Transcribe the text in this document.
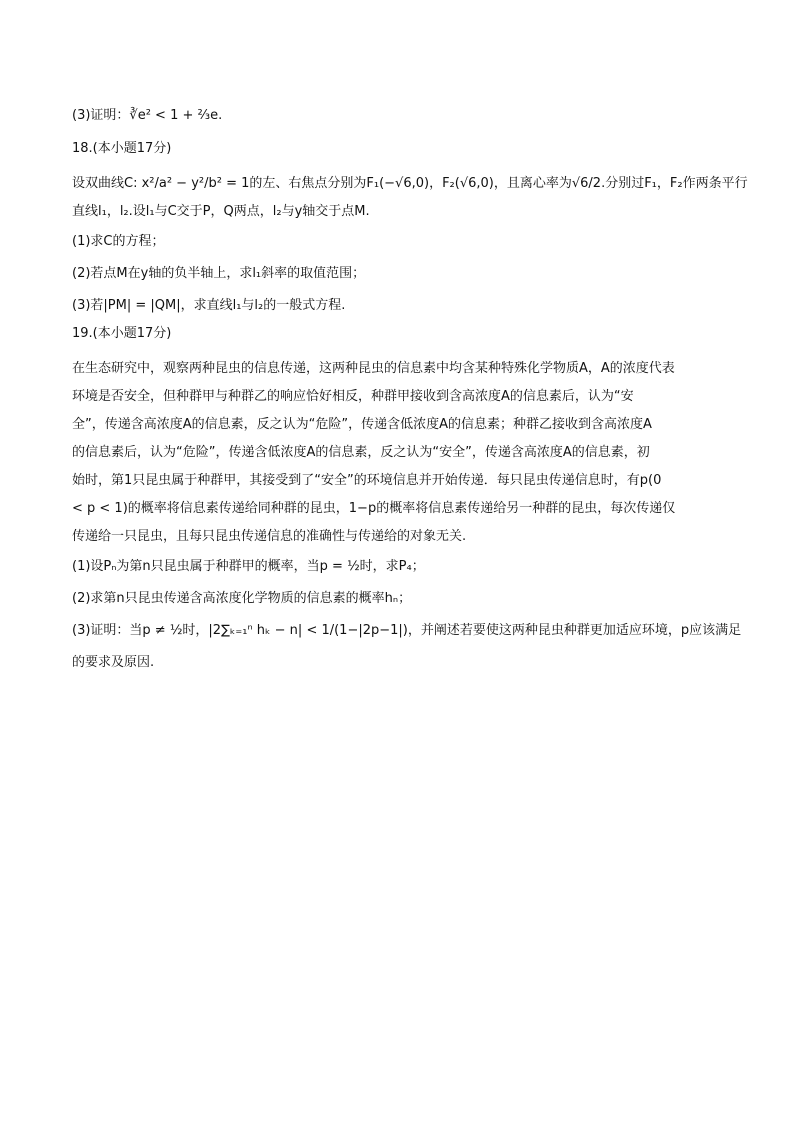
(3)证明：∛e² < 1 + ⅔e.

18.(本小题17分)

设双曲线C: x²/a² − y²/b² = 1的左、右焦点分别为F₁(−√6,0)，F₂(√6,0)，且离心率为√6/2.分别过F₁，F₂作两条平行
直线l₁，l₂.设l₁与C交于P，Q两点，l₂与y轴交于点M.
(1)求C的方程；
(2)若点M在y轴的负半轴上，求l₁斜率的取值范围；
(3)若|PM| = |QM|，求直线l₁与l₂的一般式方程.

19.(本小题17分)

在生态研究中，观察两种昆虫的信息传递，这两种昆虫的信息素中均含某种特殊化学物质A，A的浓度代表
环境是否安全，但种群甲与种群乙的响应恰好相反，种群甲接收到含高浓度A的信息素后，认为“安
全”，传递含高浓度A的信息素，反之认为“危险”，传递含低浓度A的信息素；种群乙接收到含高浓度A
的信息素后，认为“危险”，传递含低浓度A的信息素，反之认为“安全”，传递含高浓度A的信息素，初
始时，第1只昆虫属于种群甲，其接受到了“安全”的环境信息并开始传递．每只昆虫传递信息时，有p(0
< p < 1)的概率将信息素传递给同种群的昆虫，1−p的概率将信息素传递给另一种群的昆虫，每次传递仅
传递给一只昆虫，且每只昆虫传递信息的准确性与传递给的对象无关.
(1)设Pₙ为第n只昆虫属于种群甲的概率，当p = ½时，求P₄；
(2)求第n只昆虫传递含高浓度化学物质的信息素的概率hₙ；
(3)证明：当p ≠ ½时，|2∑ₖ₌₁ⁿ hₖ − n| < 1/(1−|2p−1|)，并阐述若要使这两种昆虫种群更加适应环境，p应该满足
的要求及原因.
